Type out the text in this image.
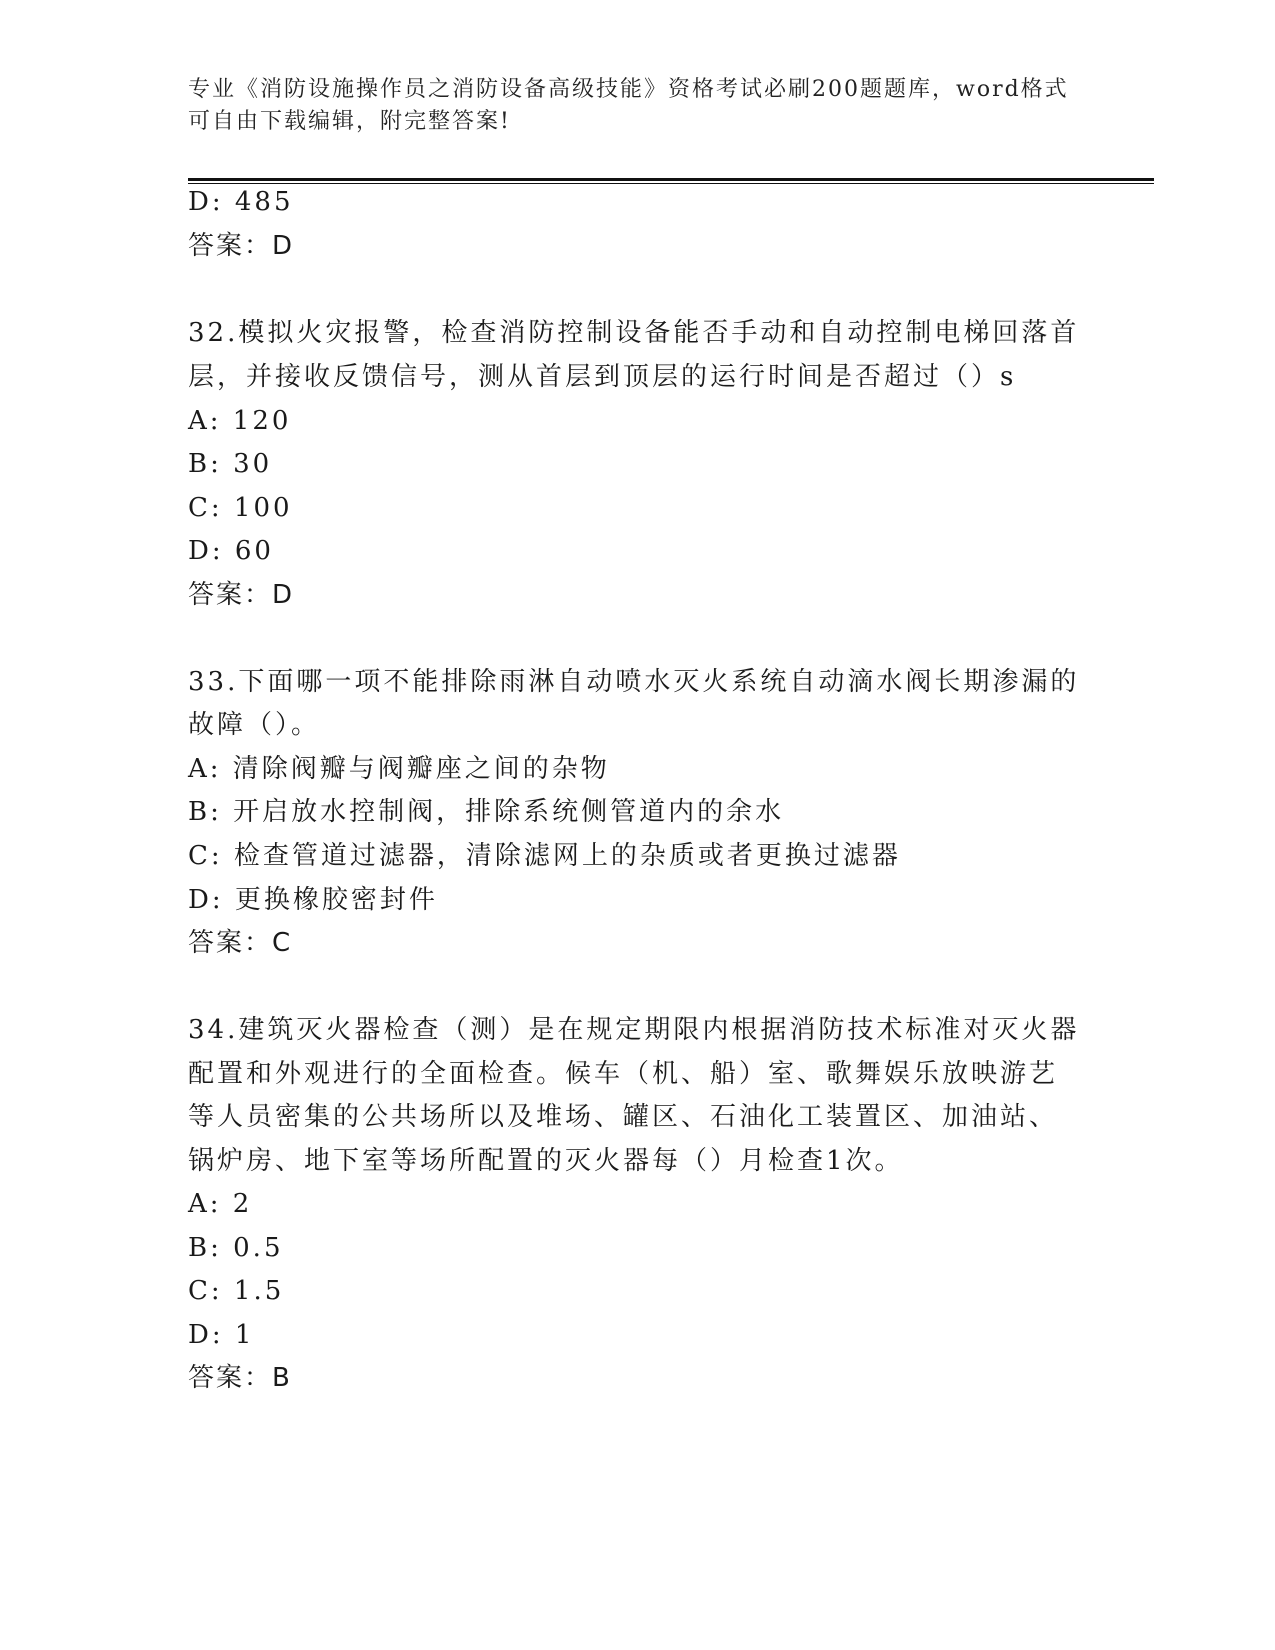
专业《消防设施操作员之消防设备高级技能》资格考试必刷200题题库，word格式可自由下载编辑，附完整答案!
D: 485
答案：D
32.模拟火灾报警，检查消防控制设备能否手动和自动控制电梯回落首
层，并接收反馈信号，测从首层到顶层的运行时间是否超过（）s
A: 120
B: 30
C: 100
D: 60
答案：D
33.下面哪一项不能排除雨淋自动喷水灭火系统自动滴水阀长期渗漏的
故障（）。
A: 清除阀瓣与阀瓣座之间的杂物
B: 开启放水控制阀，排除系统侧管道内的余水
C: 检查管道过滤器，清除滤网上的杂质或者更换过滤器
D: 更换橡胶密封件
答案：C
34.建筑灭火器检查（测）是在规定期限内根据消防技术标准对灭火器
配置和外观进行的全面检查。候车（机、船）室、歌舞娱乐放映游艺
等人员密集的公共场所以及堆场、罐区、石油化工装置区、加油站、
锅炉房、地下室等场所配置的灭火器每（）月检查1次。
A: 2
B: 0.5
C: 1.5
D: 1
答案：B
